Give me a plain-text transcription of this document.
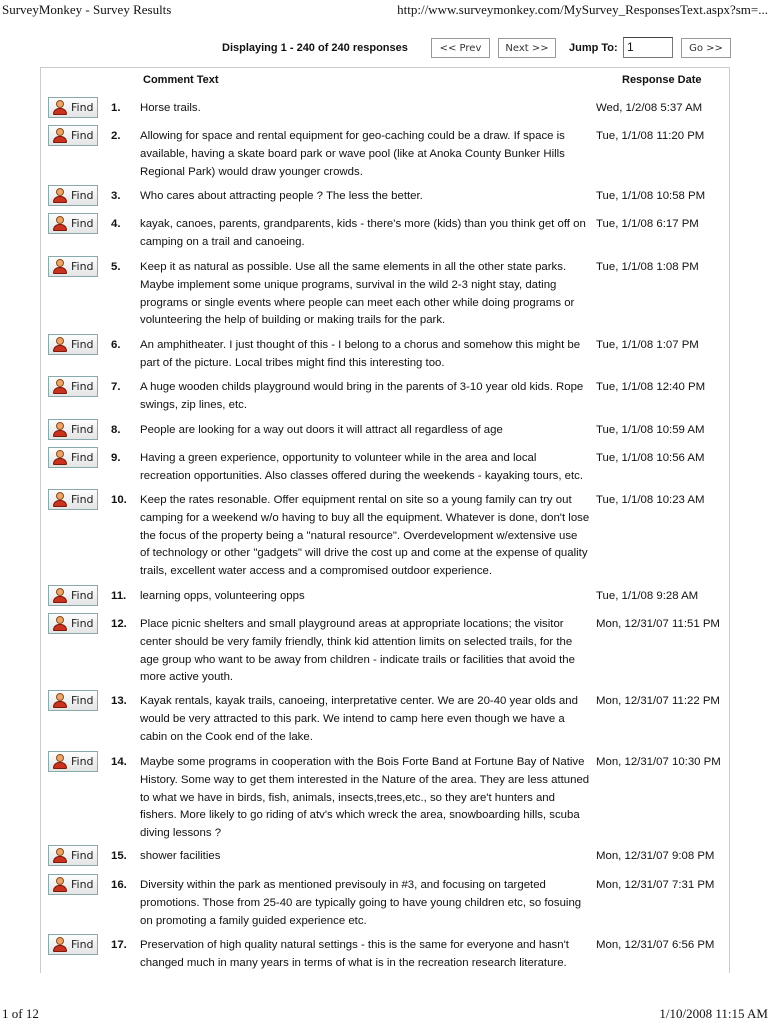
SurveyMonkey - Survey Results	http://www.surveymonkey.com/MySurvey_ResponsesText.aspx?sm=...
Displaying 1 - 240 of 240 responses	<< Prev	Next >>	Jump To: 1	Go >>
Comment Text	Response Date
Find 1. Horse trails.	Wed, 1/2/08 5:37 AM
Find 2. Allowing for space and rental equipment for geo-caching could be a draw. If space is available, having a skate board park or wave pool (like at Anoka County Bunker Hills Regional Park) would draw younger crowds.
Tue, 1/1/08 11:20 PM
Find 3. Who cares about attracting people ? The less the better.	Tue, 1/1/08 10:58 PM
Find 4. kayak, canoes, parents, grandparents, kids - there's more (kids) than you think get off on camping on a trail and canoeing.
Tue, 1/1/08 6:17 PM
Find 5. Keep it as natural as possible. Use all the same elements in all the other state parks. Maybe implement some unique programs, survival in the wild 2-3 night stay, dating programs or single events where people can meet each other while doing programs or volunteering the help of building or making trails for the park.
Tue, 1/1/08 1:08 PM
Find 6. An amphitheater. I just thought of this - I belong to a chorus and somehow this might be part of the picture. Local tribes might find this interesting too.
Tue, 1/1/08 1:07 PM
Find 7. A huge wooden childs playground would bring in the parents of 3-10 year old kids. Rope swings, zip lines, etc.
Tue, 1/1/08 12:40 PM
Find 8. People are looking for a way out doors it will attract all regardless of age	Tue, 1/1/08 10:59 AM
Find 9. Having a green experience, opportunity to volunteer while in the area and local recreation opportunities. Also classes offered during the weekends - kayaking tours, etc.
Tue, 1/1/08 10:56 AM
Find 10. Keep the rates resonable. Offer equipment rental on site so a young family can try out camping for a weekend w/o having to buy all the equipment. Whatever is done, don't lose the focus of the property being a "natural resource". Overdevelopment w/extensive use of technology or other "gadgets" will drive the cost up and come at the expense of quality trails, excellent water access and a compromised outdoor experience.
Tue, 1/1/08 10:23 AM
Find 11. learning opps, volunteering opps	Tue, 1/1/08 9:28 AM
Find 12. Place picnic shelters and small playground areas at appropriate locations; the visitor center should be very family friendly, think kid attention limits on selected trails, for the age group who want to be away from children - indicate trails or facilities that avoid the more active youth.
Mon, 12/31/07 11:51 PM
Find 13. Kayak rentals, kayak trails, canoeing, interpretative center. We are 20-40 year olds and would be very attracted to this park. We intend to camp here even though we have a cabin on the Cook end of the lake.
Mon, 12/31/07 11:22 PM
Find 14. Maybe some programs in cooperation with the Bois Forte Band at Fortune Bay of Native History. Some way to get them interested in the Nature of the area. They are less attuned to what we have in birds, fish, animals, insects,trees,etc., so they are't hunters and fishers. More likely to go riding of atv's which wreck the area, snowboarding hills, scuba diving lessons ?
Mon, 12/31/07 10:30 PM
Find 15. shower facilities	Mon, 12/31/07 9:08 PM
Find 16. Diversity within the park as mentioned previsouly in #3, and focusing on targeted promotions. Those from 25-40 are typically going to have young children etc, so fosuing on promoting a family guided experience etc.
Mon, 12/31/07 7:31 PM
Find 17. Preservation of high quality natural settings - this is the same for everyone and hasn't changed much in many years in terms of what is in the recreation research literature.
Mon, 12/31/07 6:56 PM
1 of 12	1/10/2008 11:15 AM
